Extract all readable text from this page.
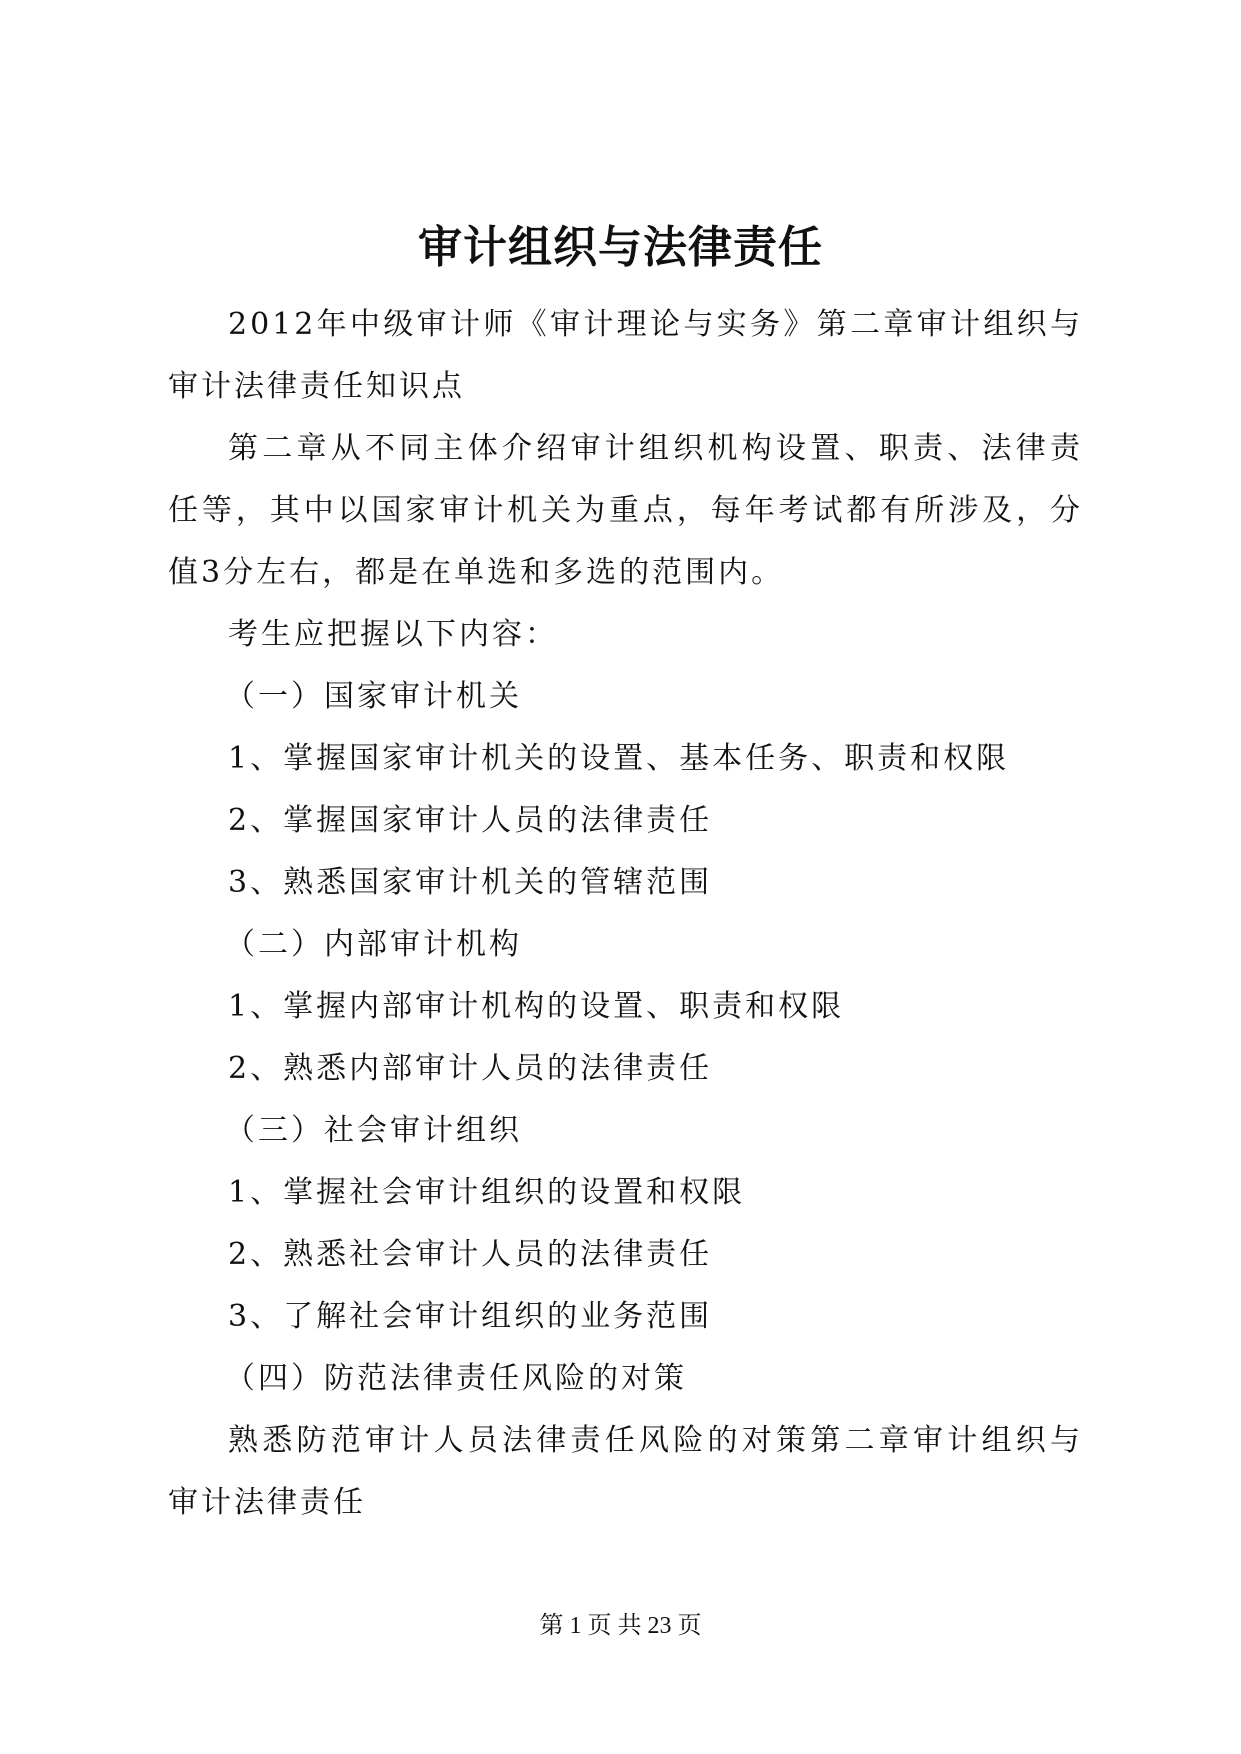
审计组织与法律责任

2012年中级审计师《审计理论与实务》第二章审计组织与审计法律责任知识点

第二章从不同主体介绍审计组织机构设置、职责、法律责任等，其中以国家审计机关为重点，每年考试都有所涉及，分值3分左右，都是在单选和多选的范围内。

考生应把握以下内容：

（一）国家审计机关

1、掌握国家审计机关的设置、基本任务、职责和权限

2、掌握国家审计人员的法律责任

3、熟悉国家审计机关的管辖范围

（二）内部审计机构

1、掌握内部审计机构的设置、职责和权限

2、熟悉内部审计人员的法律责任

（三）社会审计组织

1、掌握社会审计组织的设置和权限

2、熟悉社会审计人员的法律责任

3、了解社会审计组织的业务范围

（四）防范法律责任风险的对策

熟悉防范审计人员法律责任风险的对策第二章审计组织与审计法律责任

第 1 页 共 23 页
